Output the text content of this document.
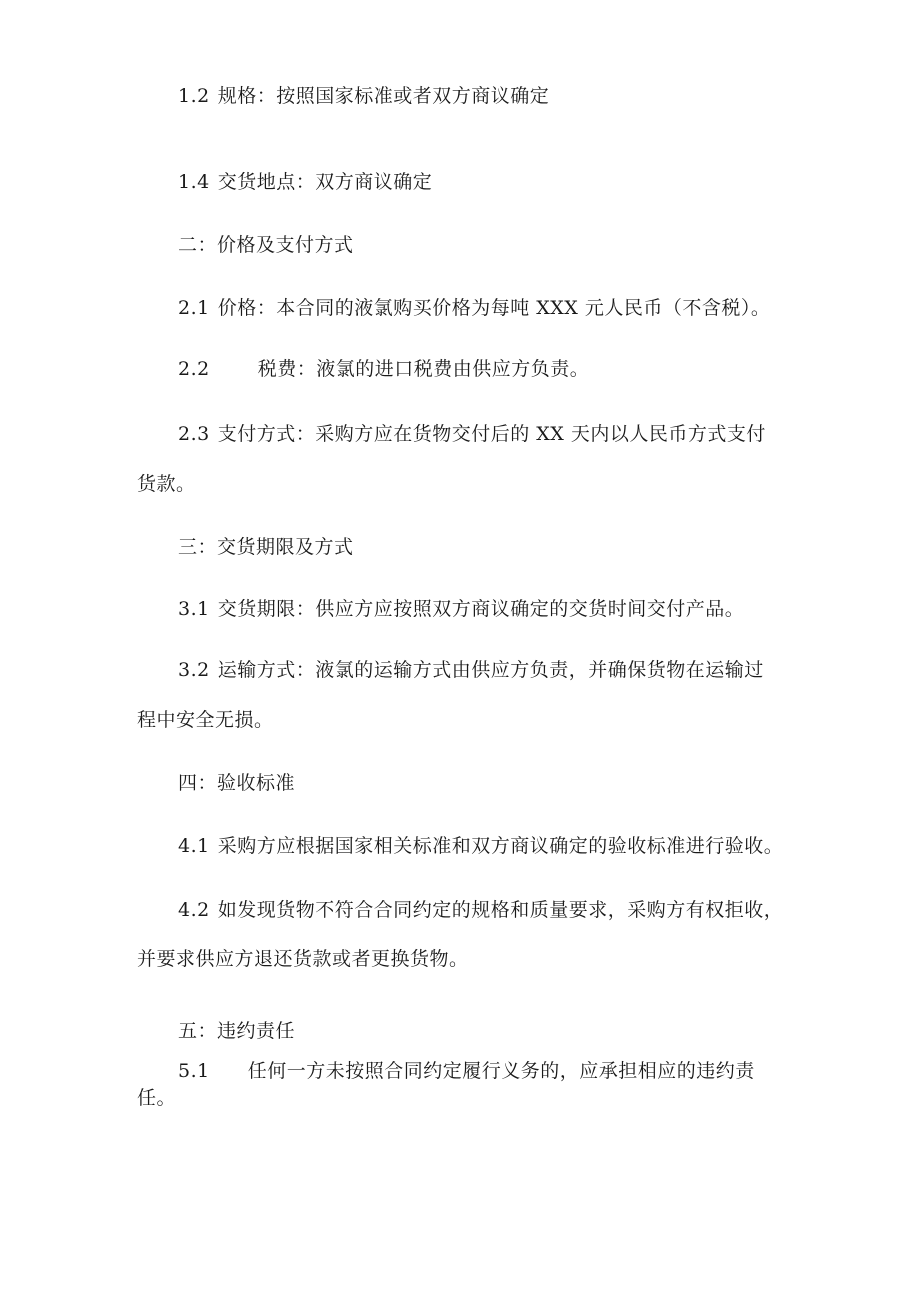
1.2 规格：按照国家标准或者双方商议确定
1.4 交货地点：双方商议确定
二：价格及支付方式
2.1 价格：本合同的液氯购买价格为每吨 XXX 元人民币（不含税）。
2.2	税费：液氯的进口税费由供应方负责。
2.3 支付方式：采购方应在货物交付后的 XX 天内以人民币方式支付
货款。
三：交货期限及方式
3.1 交货期限：供应方应按照双方商议确定的交货时间交付产品。
3.2 运输方式：液氯的运输方式由供应方负责，并确保货物在运输过
程中安全无损。
四：验收标准
4.1 采购方应根据国家相关标准和双方商议确定的验收标准进行验收。
4.2 如发现货物不符合合同约定的规格和质量要求，采购方有权拒收，
并要求供应方退还货款或者更换货物。
五：违约责任
5.1 任何一方未按照合同约定履行义务的，应承担相应的违约责
任。
